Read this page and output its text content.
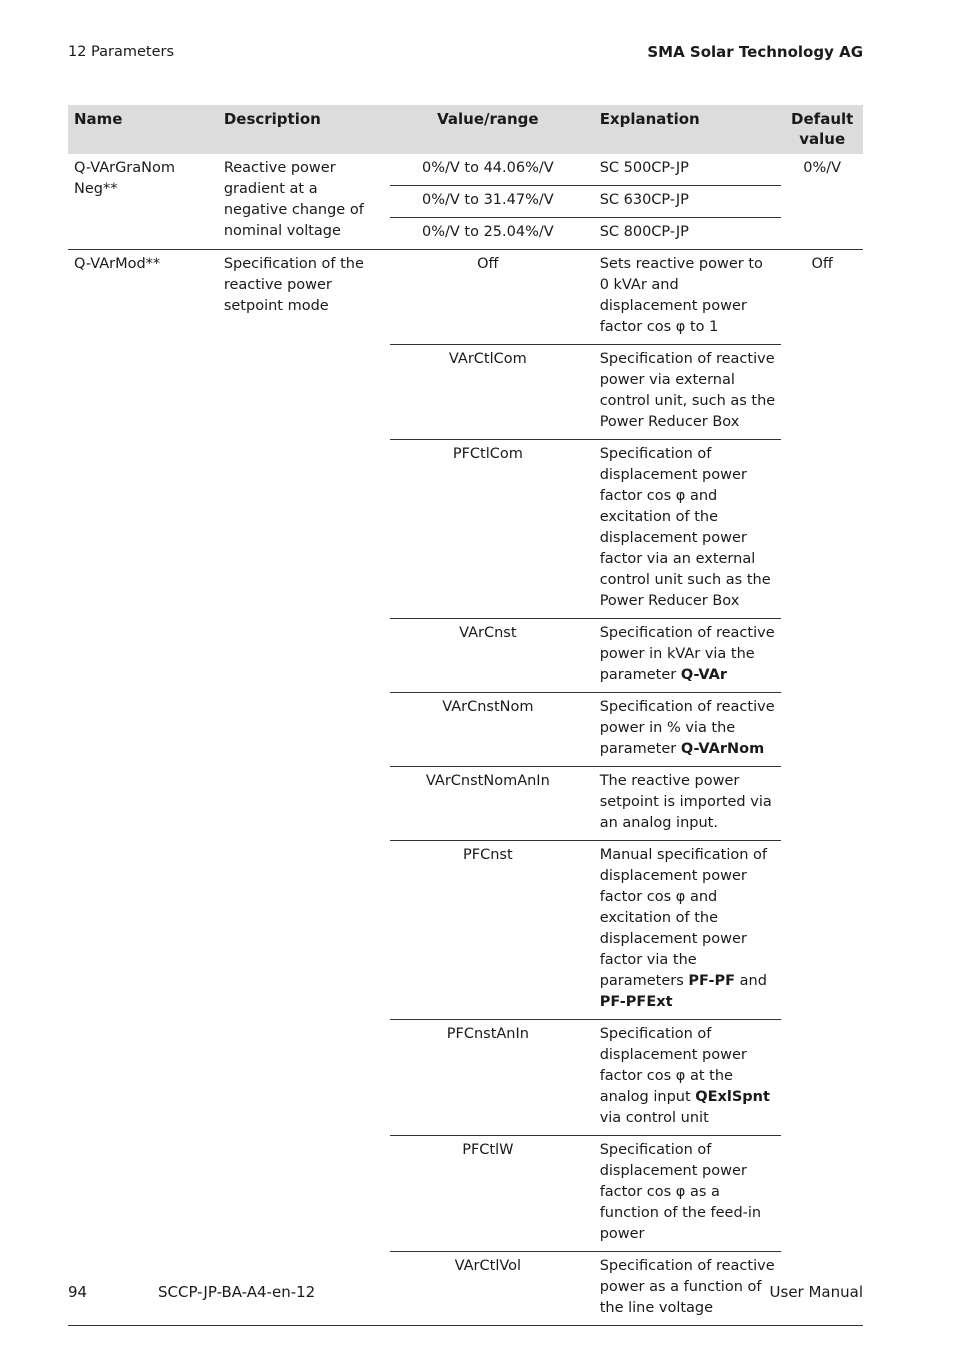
12 Parameters	SMA Solar Technology AG
Name	Description	Value/range	Explanation	Default value
Q-VArGraNom Neg**	Reactive power gradient at a negative change of nominal voltage	0%/V to 44.06%/V	SC 500CP-JP	0%/V
		0%/V to 31.47%/V	SC 630CP-JP	
		0%/V to 25.04%/V	SC 800CP-JP	
Q-VArMod**	Specification of the reactive power setpoint mode	Off	Sets reactive power to 0 kVAr and displacement power factor cos φ to 1	Off
		VArCtlCom	Specification of reactive power via external control unit, such as the Power Reducer Box	
		PFCtlCom	Specification of displacement power factor cos φ and excitation of the displacement power factor via an external control unit such as the Power Reducer Box	
		VArCnst	Specification of reactive power in kVAr via the parameter Q-VAr	
		VArCnstNom	Specification of reactive power in % via the parameter Q-VArNom	
		VArCnstNomAnIn	The reactive power setpoint is imported via an analog input.	
		PFCnst	Manual specification of displacement power factor cos φ and excitation of the displacement power factor via the parameters PF-PF and PF-PFExt	
		PFCnstAnIn	Specification of displacement power factor cos φ at the analog input QExlSpnt via control unit	
		PFCtlW	Specification of displacement power factor cos φ as a function of the feed-in power	
		VArCtlVol	Specification of reactive power as a function of the line voltage	
94	SCCP-JP-BA-A4-en-12	User Manual
